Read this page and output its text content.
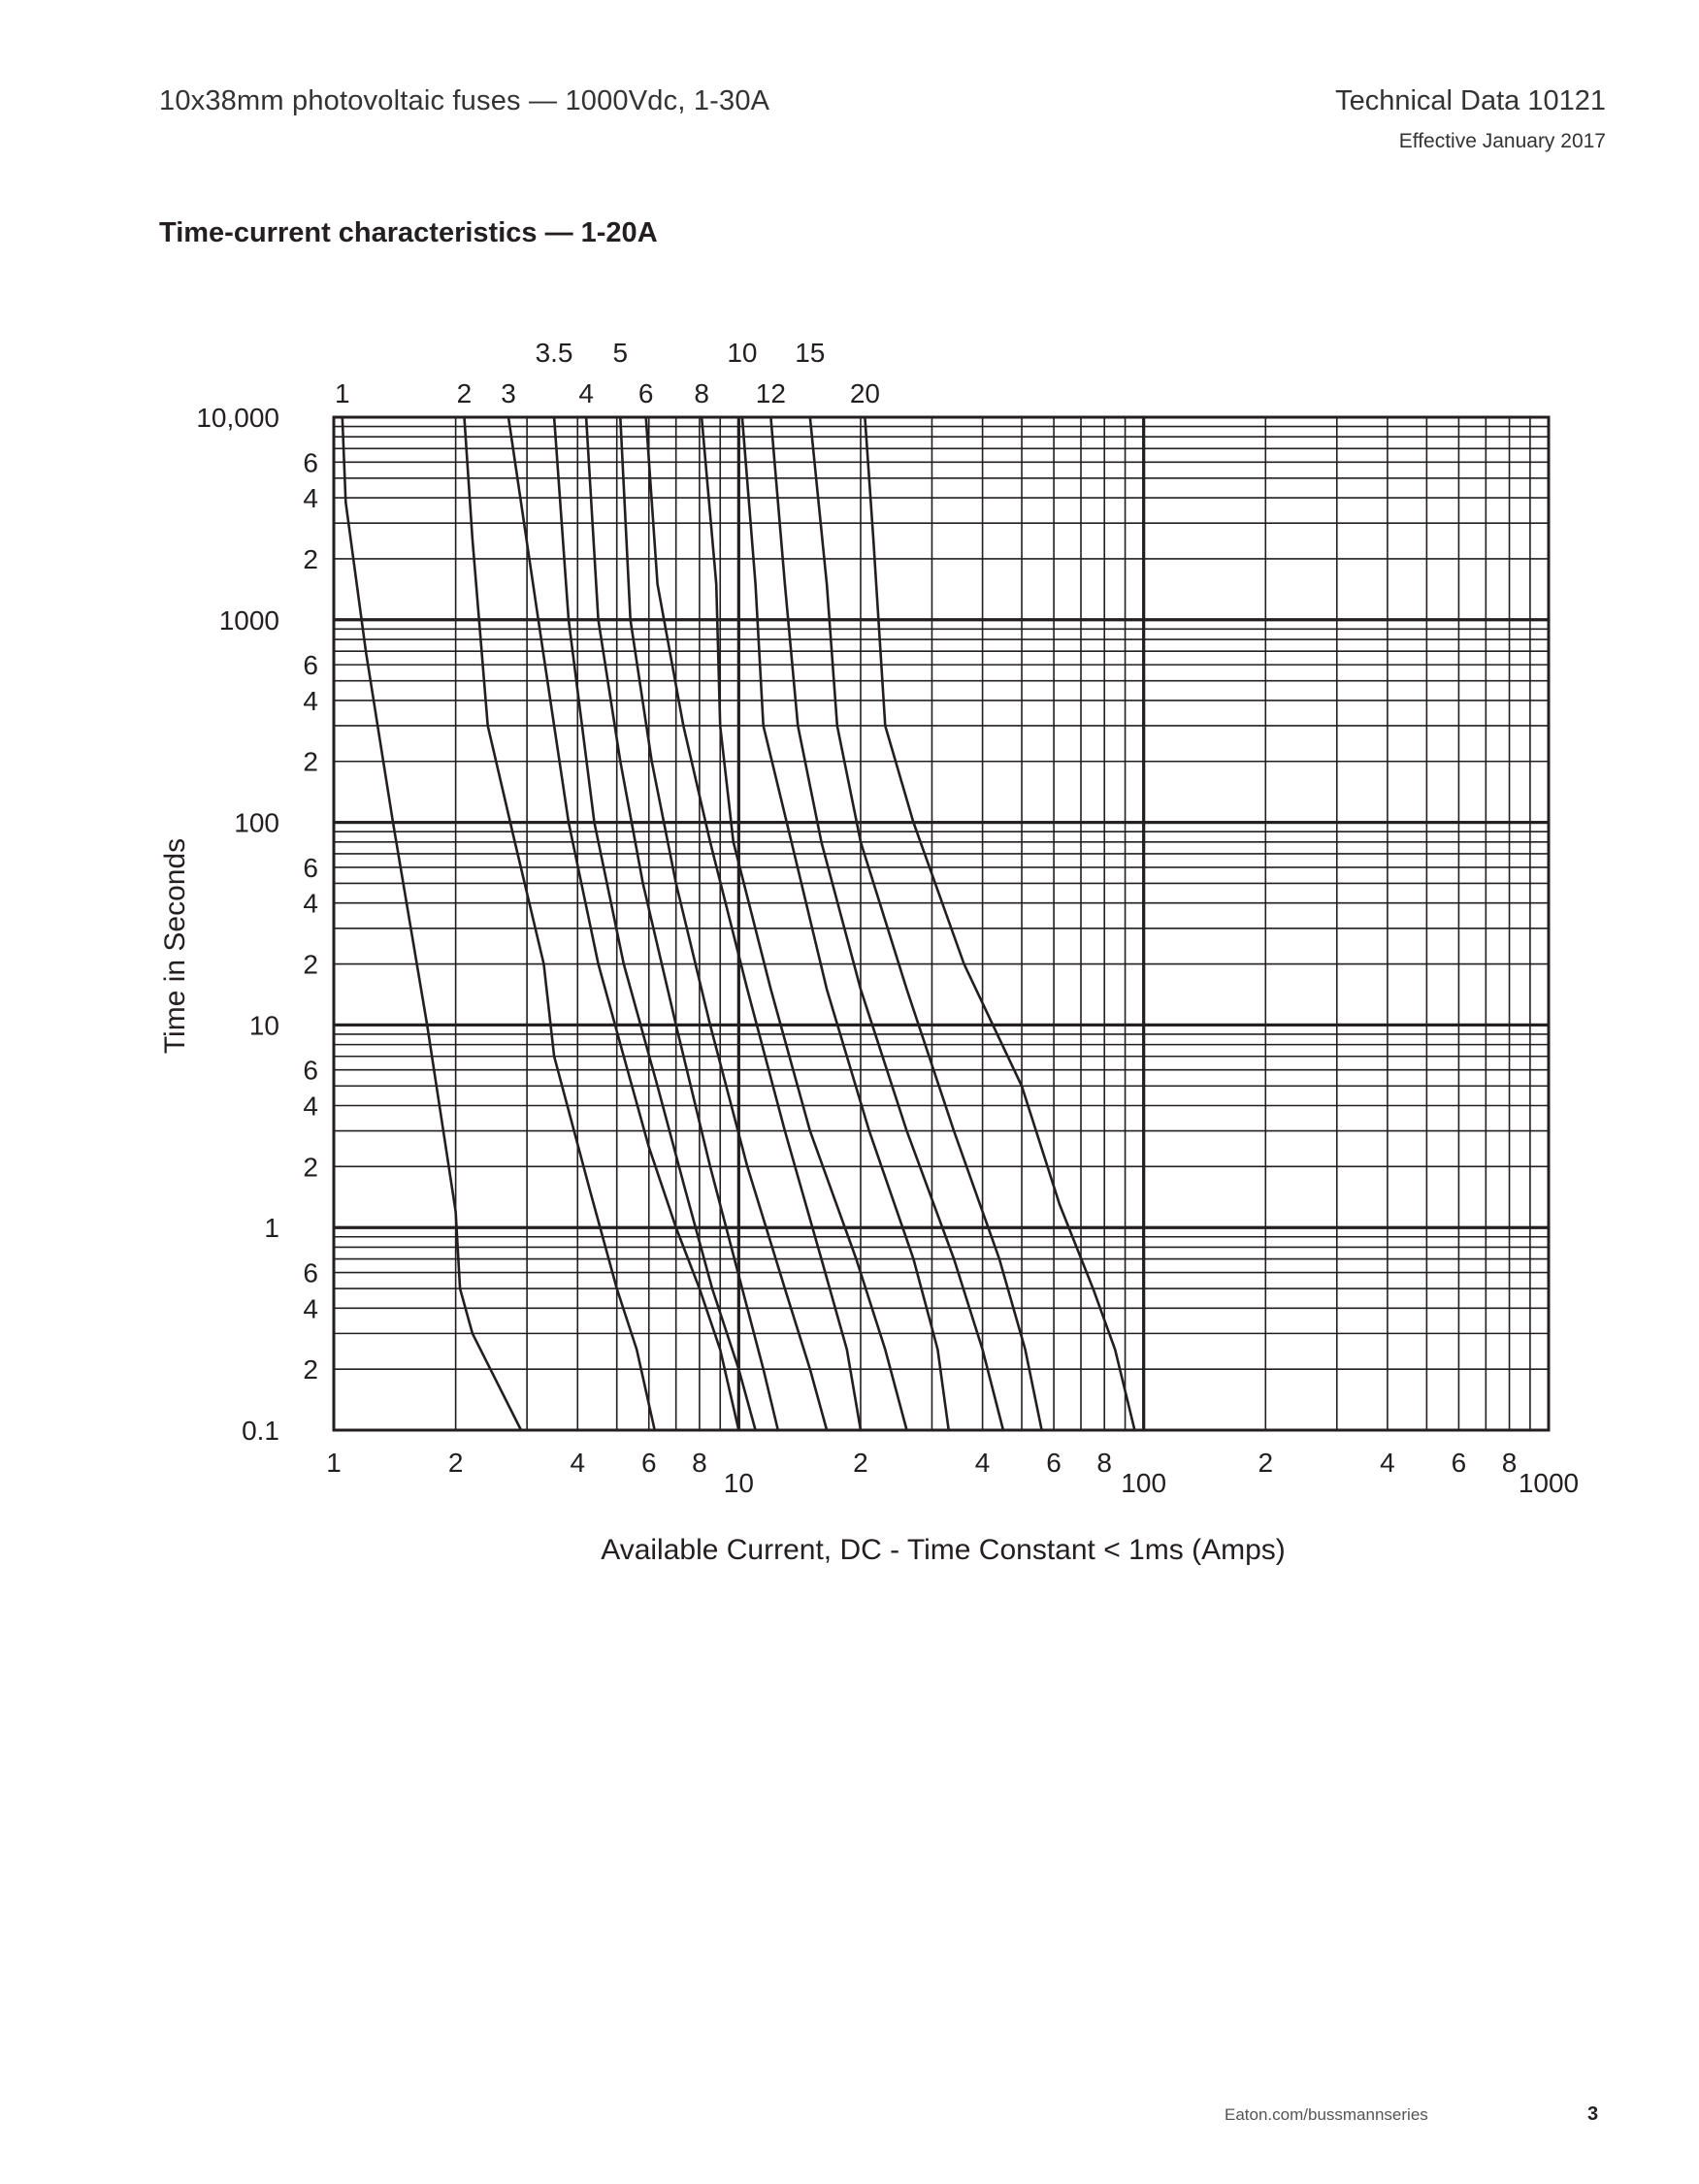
10x38mm photovoltaic fuses — 1000Vdc, 1-30A	Technical Data 10121
Effective January 2017
Time-current characteristics — 1-20A
1	2 3
3.5
4
5
6 8
10
12
15
20
10,000
1000
100
10
1
0.1
6
4
2
6
4
2
6
4
2
6
4
2
6
4
2
1
10	100	1000
2	4 6 8	2	4 6 8	2	4 6 8
Available Current, DC - Time Constant < 1ms (Amps)
Time in Seconds
Eaton.com/bussmannseries	3
